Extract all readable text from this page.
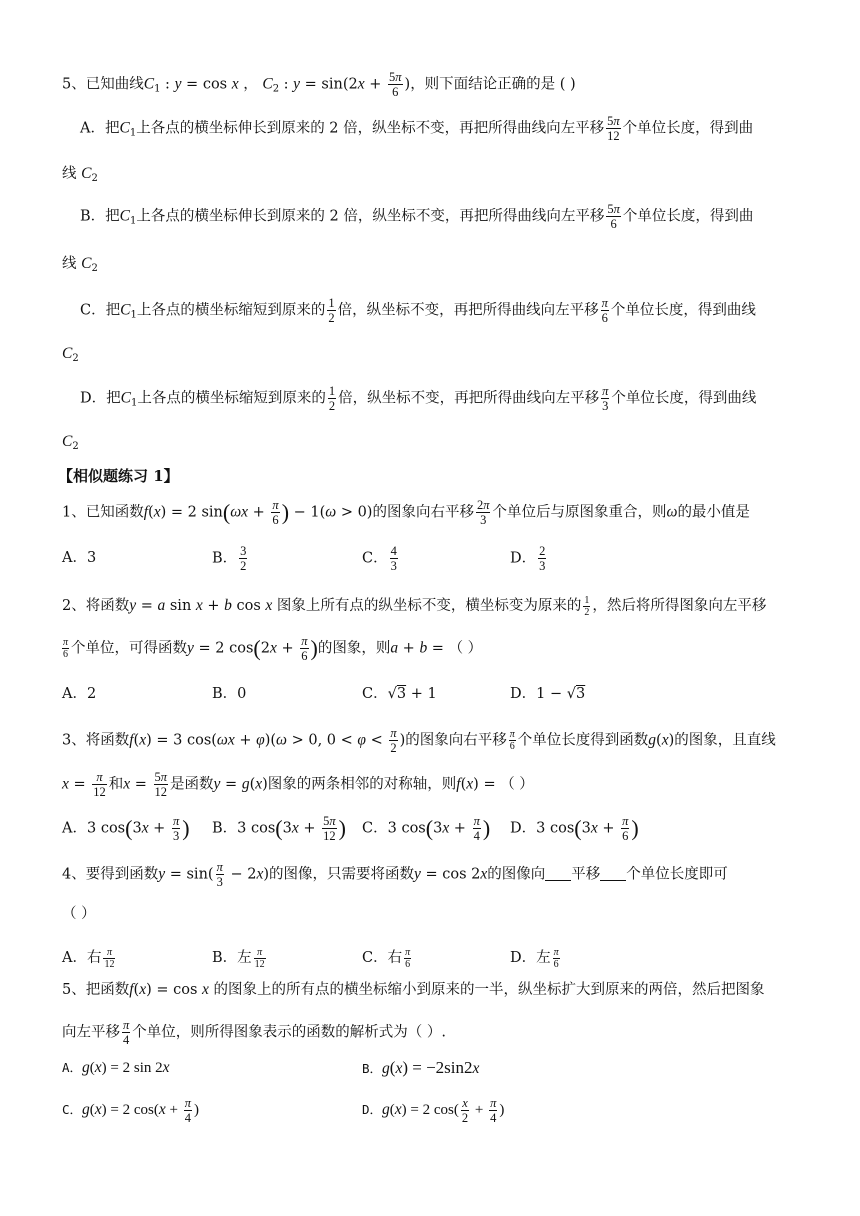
5、已知曲线$C_1$ : y = cos x ， $C_2$ : $y = \sin(2x + \frac{5\pi}{6}$ )，则下面结论正确的是 ( )
A．把$C_1$上各点的横坐标伸长到原来的 2 倍，纵坐标不变，再把所得曲线向左平移 $\frac{5\pi}{12}$ 个单位长度，得到曲
线 $C_2$
B．把$C_1$上各点的横坐标伸长到原来的 2 倍，纵坐标不变，再把所得曲线向左平移 $\frac{5\pi}{6}$ 个单位长度，得到曲
线 $C_2$
C．把$C_1$上各点的横坐标缩短到原来的 $\frac{1}{2}$ 倍，纵坐标不变，再把所得曲线向左平移 $\frac{\pi}{6}$ 个单位长度，得到曲线
$C_2$
D．把$C_1$上各点的横坐标缩短到原来的 $\frac{1}{2}$ 倍，纵坐标不变，再把所得曲线向左平移 $\frac{\pi}{3}$ 个单位长度，得到曲线
$C_2$
【相似题练习 1】
1、已知函数f(x) = 2 $\sin(\omega x + \frac{\pi}{6}$ ) − 1(ω > 0)的图象向右平移 $\frac{2\pi}{3}$ 个单位后与原图象重合，则ω的最小值是
A．3	B． $\frac{3}{2}$	C． $\frac{4}{3}$	D． $\frac{2}{3}$
2、将函数y = a sin x + b cos x 图象上所有点的纵坐标不变，横坐标变为原来的 $\frac{1}{2}$ ，然后将所得图象向左平移
$\frac{\pi}{6}$ 个单位，可得函数y = 2 $\cos(2x + \frac{\pi}{6}$ )的图象，则a + b = （ ）
A．2	B．0	C．√3 + 1	D．1 − √3
3、将函数f(x) = 3 cos(ωx + φ)(ω > 0, $0 < \varphi < \frac{\pi}{2}$ )的图象向右平移 $\frac{\pi}{6}$ 个单位长度得到函数g(x)的图象，且直线
$x = \frac{\pi}{12}$ 和$x = \frac{5\pi}{12}$ 是函数y = g(x)图象的两条相邻的对称轴，则f(x) = （ ）
A．3 $\cos(3x + \frac{\pi}{3}$ ) B．3 $\cos(3x + \frac{5\pi}{12}$ ) C．3 $\cos(3x + \frac{\pi}{4}$ ) D．3 $\cos(3x + \frac{\pi}{6}$ )
4、要得到函数$y = \sin( \frac{\pi}{3} - 2x)$的图像，只需要将函数y = cos 2x的图像向 平移 个单位长度即可
（ ）
A．右 $\frac{\pi}{12}$	B．左 $\frac{\pi}{12}$	C．右 $\frac{\pi}{6}$	D．左 $\frac{\pi}{6}$
5、把函数f(x) = cos x 的图象上的所有点的横坐标缩小到原来的一半，纵坐标扩大到原来的两倍，然后把图象
向左平移 $\frac{\pi}{4}$ 个单位，则所得图象表示的函数的解析式为（ ）.
A．g(x) = 2 sin 2x	B．g(x) = −2sin2x
C．g(x) = 2 $\cos(x + \frac{\pi}{4}$ )	D．g(x) = 2 $\cos( \frac{x}{2} + \frac{\pi}{4}$ )
